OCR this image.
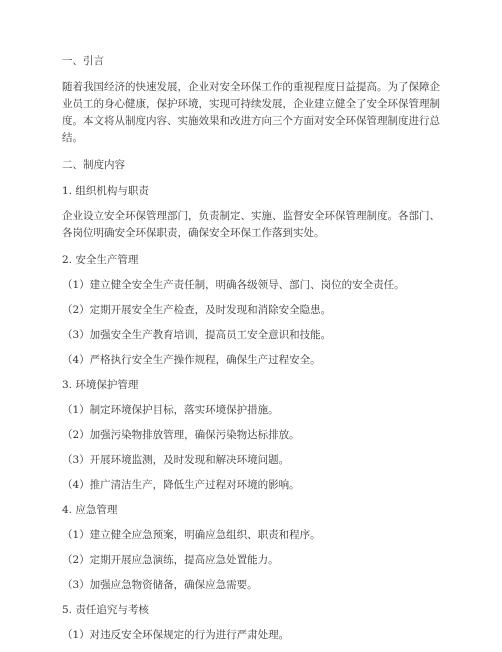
一、引言

随着我国经济的快速发展，企业对安全环保工作的重视程度日益提高。为了保障企

业员工的身心健康，保护环境，实现可持续发展，企业建立健全了安全环保管理制

度。本文将从制度内容、实施效果和改进方向三个方面对安全环保管理制度进行总

结。

二、制度内容

1. 组织机构与职责

企业设立安全环保管理部门，负责制定、实施、监督安全环保管理制度。各部门、

各岗位明确安全环保职责，确保安全环保工作落到实处。

2. 安全生产管理

（1）建立健全安全生产责任制，明确各级领导、部门、岗位的安全责任。

（2）定期开展安全生产检查，及时发现和消除安全隐患。

（3）加强安全生产教育培训，提高员工安全意识和技能。

（4）严格执行安全生产操作规程，确保生产过程安全。

3. 环境保护管理

（1）制定环境保护目标，落实环境保护措施。

（2）加强污染物排放管理，确保污染物达标排放。

（3）开展环境监测，及时发现和解决环境问题。

（4）推广清洁生产，降低生产过程对环境的影响。

4. 应急管理

（1）建立健全应急预案，明确应急组织、职责和程序。

（2）定期开展应急演练，提高应急处置能力。

（3）加强应急物资储备，确保应急需要。

5. 责任追究与考核

（1）对违反安全环保规定的行为进行严肃处理。
